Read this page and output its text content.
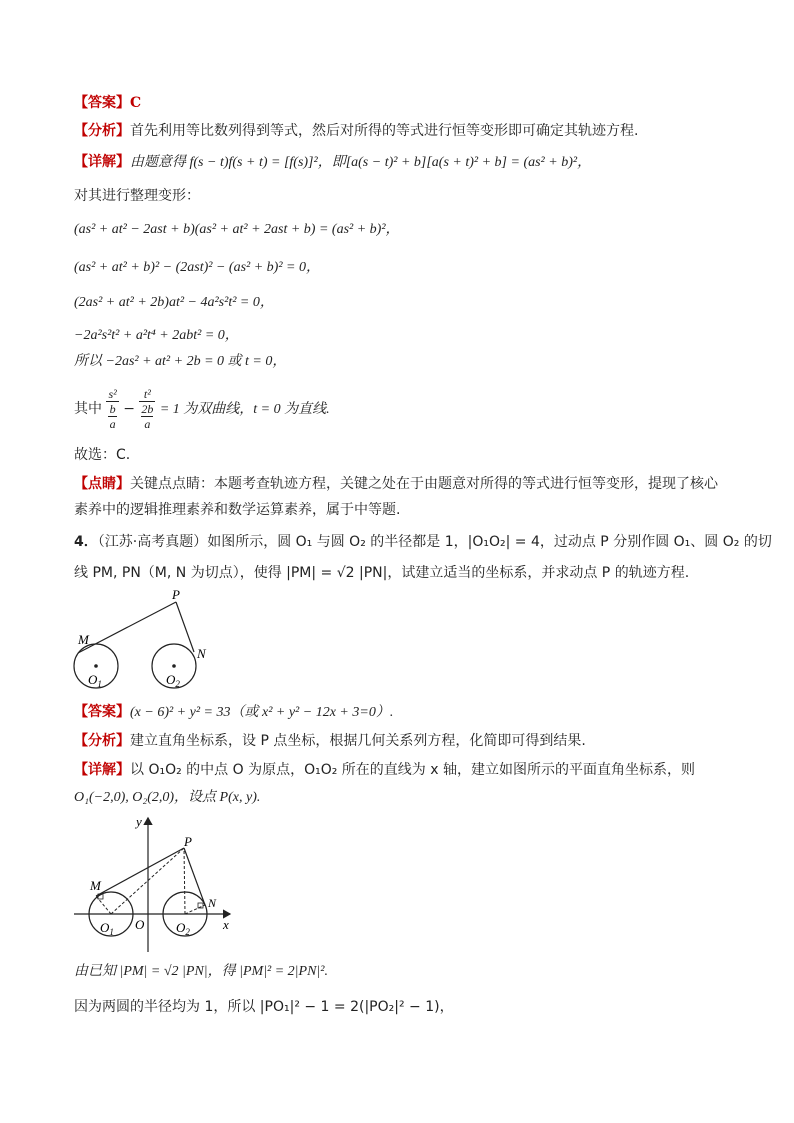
【答案】C
【分析】首先利用等比数列得到等式，然后对所得的等式进行恒等变形即可确定其轨迹方程.
【详解】由题意得 f(s − t)f(s + t) = [f(s)]²，即[a(s − t)² + b][a(s + t)² + b] = (as² + b)²，
对其进行整理变形：
(as² + at² − 2ast + b)(as² + at² + 2ast + b) = (as² + b)²，
(as² + at² + b)² − (2ast)² − (as² + b)² = 0，
(2as² + at² + 2b)at² − 4a²s²t² = 0，
−2a²s²t² + a²t⁴ + 2abt² = 0，
所以 −2as² + at² + 2b = 0 或 t = 0，
其中 s²
b
a − t²
2b
a = 1 为双曲线，t = 0 为直线.
故选：C.
【点睛】关键点点睛：本题考查轨迹方程，关键之处在于由题意对所得的等式进行恒等变形，提现了核心
素养中的逻辑推理素养和数学运算素养，属于中等题.
4．（江苏·高考真题）如图所示，圆 O₁ 与圆 O₂ 的半径都是 1，|O₁O₂| = 4，过动点 P 分别作圆 O₁、圆 O₂ 的切
线 PM, PN（M, N 为切点），使得 |PM| = √2 |PN|，试建立适当的坐标系，并求动点 P 的轨迹方程.
P
M
N
$O_1$	$O_2$
【答案】(x − 6)² + y² = 33（或 x² + y² − 12x + 3=0）.
【分析】建立直角坐标系，设 P 点坐标，根据几何关系列方程，化简即可得到结果.
【详解】以 O₁O₂ 的中点 O 为原点，O₁O₂ 所在的直线为 x 轴，建立如图所示的平面直角坐标系，则
O₁(−2,0), O₂(2,0)，设点 P(x, y).
y
x
P
M
N
O
$O_1$	$O_2$
由已知 |PM| = √2 |PN|，得 |PM|² = 2|PN|².
因为两圆的半径均为 1，所以 |PO₁|² − 1 = 2(|PO₂|² − 1)，
